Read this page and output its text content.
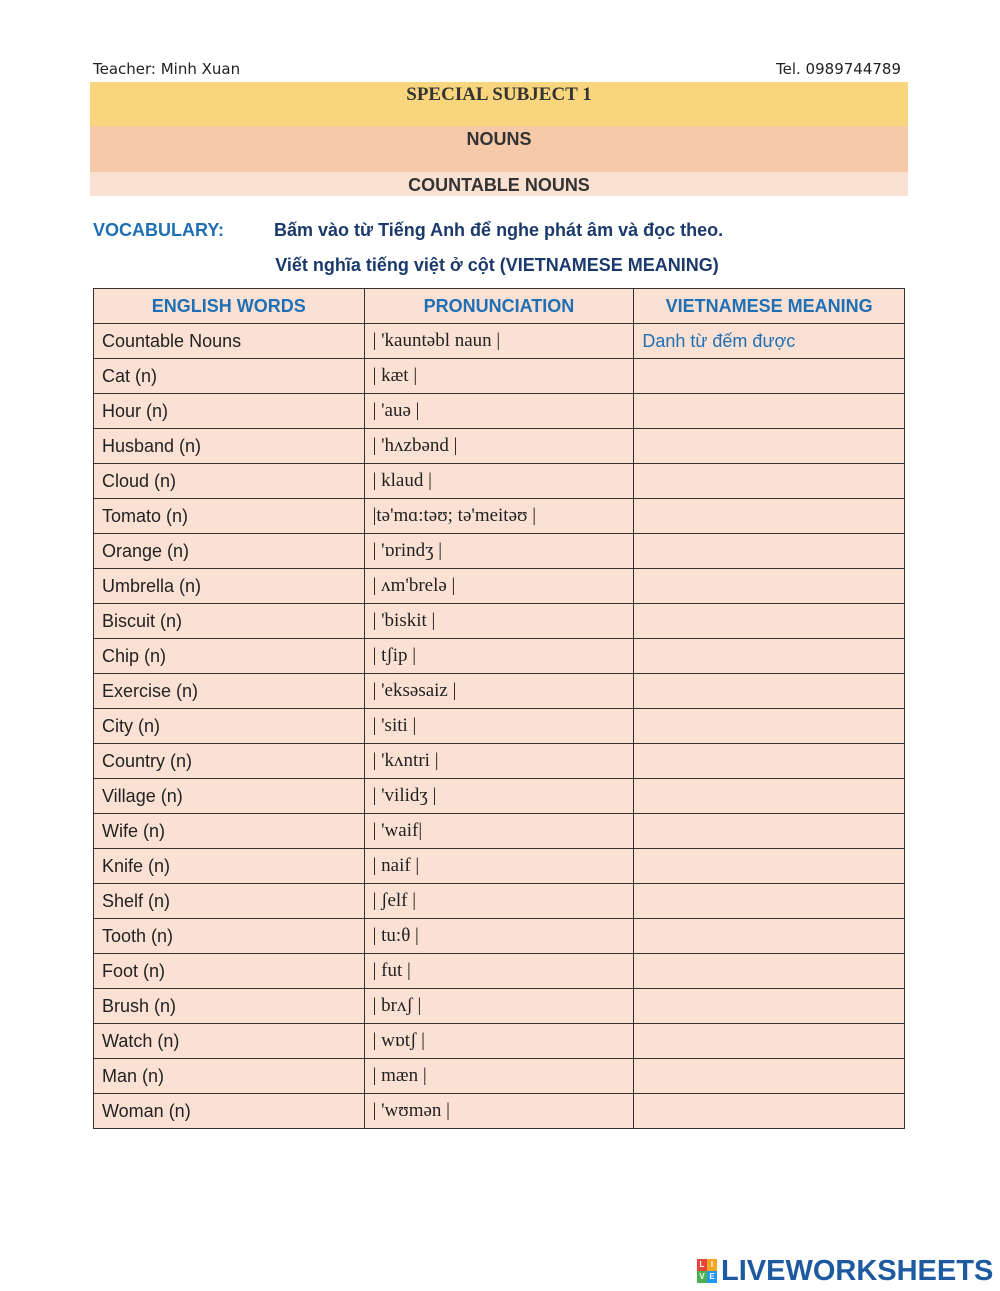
Teacher: Minh Xuan	Tel. 0989744789
SPECIAL SUBJECT 1
NOUNS
COUNTABLE NOUNS
VOCABULARY:	Bấm vào từ Tiếng Anh để nghe phát âm và đọc theo.
Viết nghĩa tiếng việt ở cột (VIETNAMESE MEANING)
ENGLISH WORDS	PRONUNCIATION	VIETNAMESE MEANING
Countable Nouns	| 'kauntəbl naun |	Danh từ đếm được
Cat (n)	| kæt |	
Hour (n)	| 'auə |	
Husband (n)	| 'hʌzbənd |	
Cloud (n)	| klaud |	
Tomato (n)	|tə'mɑ:təʊ; tə'meitəʊ |	
Orange (n)	| 'ɒrindʒ |	
Umbrella (n)	| ʌm'brelə |	
Biscuit (n)	| 'biskit |	
Chip (n)	| tʃip |	
Exercise (n)	| 'eksəsaiz |	
City (n)	| 'siti |	
Country (n)	| 'kʌntri |	
Village (n)	| 'vilidʒ |	
Wife (n)	| 'waif|	
Knife (n)	| naif |	
Shelf (n)	| ʃelf |	
Tooth (n)	| tu:θ |	
Foot (n)	| fut |	
Brush (n)	| brʌʃ |	
Watch (n)	| wɒtʃ |	
Man (n)	| mæn |	
Woman (n)	| 'wʊmən |	
L I
V E LIVEWORKSHEETS
